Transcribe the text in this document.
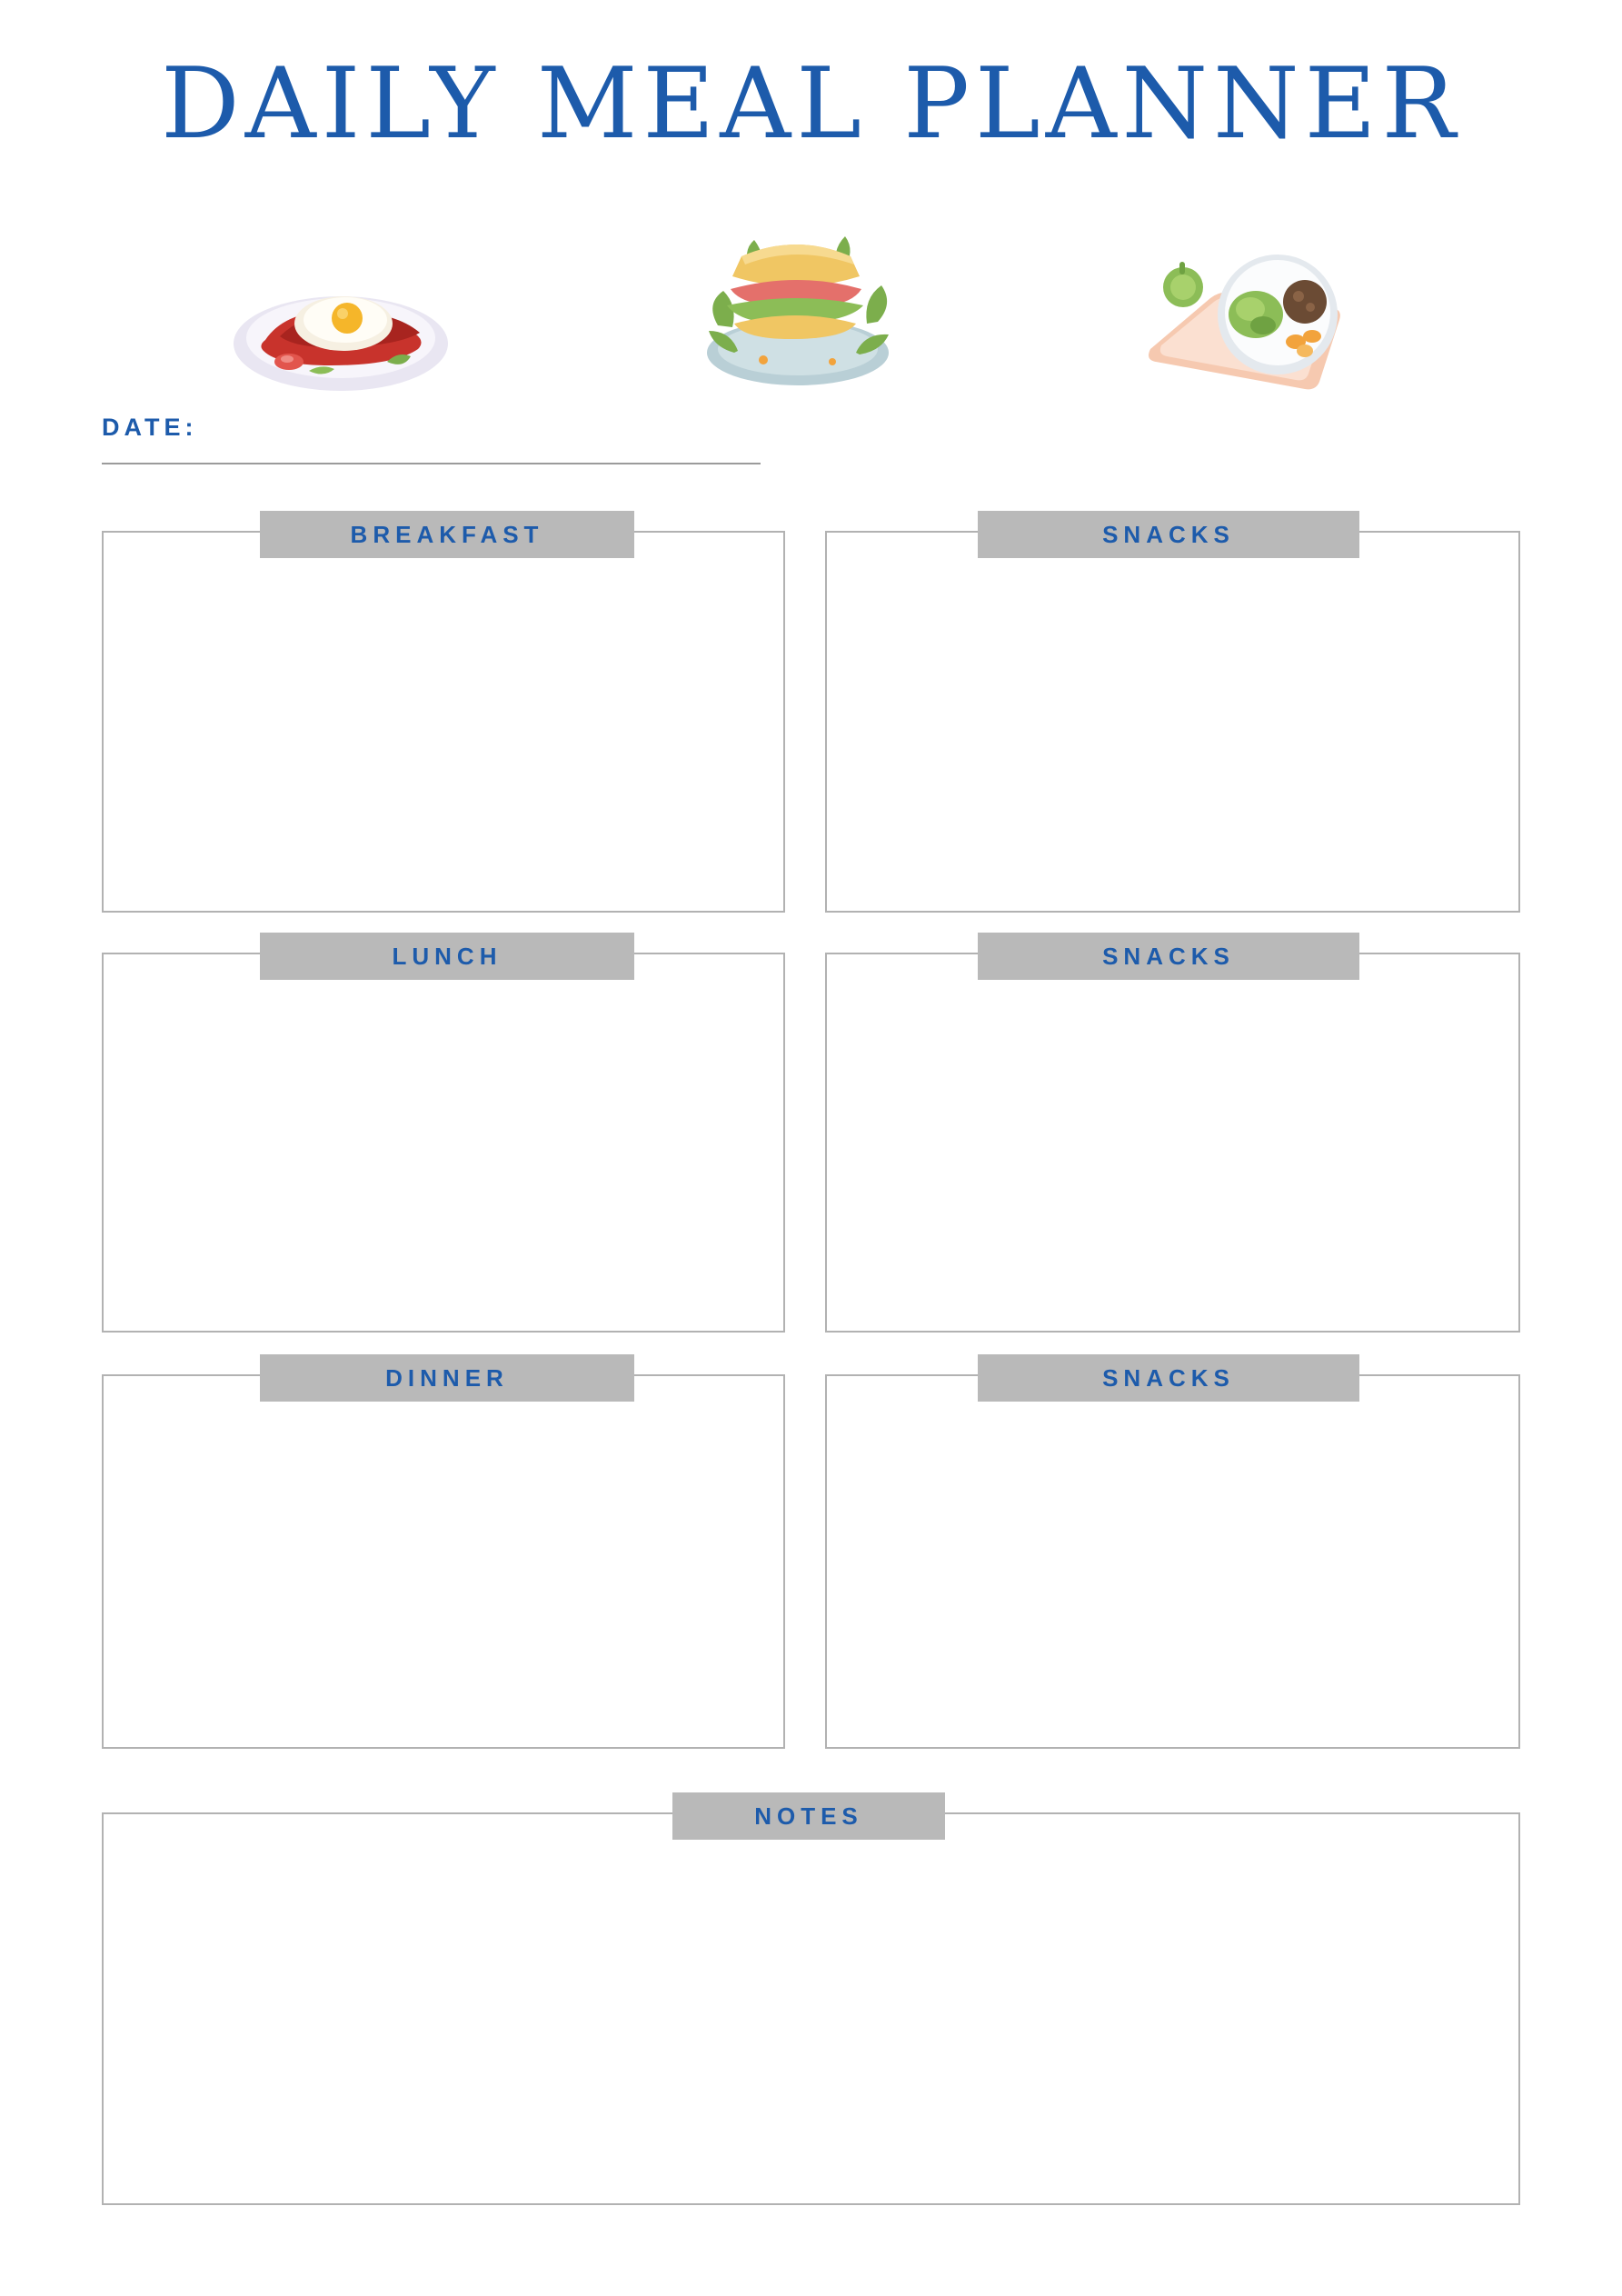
DAILY MEAL PLANNER
DATE:
BREAKFAST	SNACKS
LUNCH	SNACKS
DINNER	SNACKS
NOTES
